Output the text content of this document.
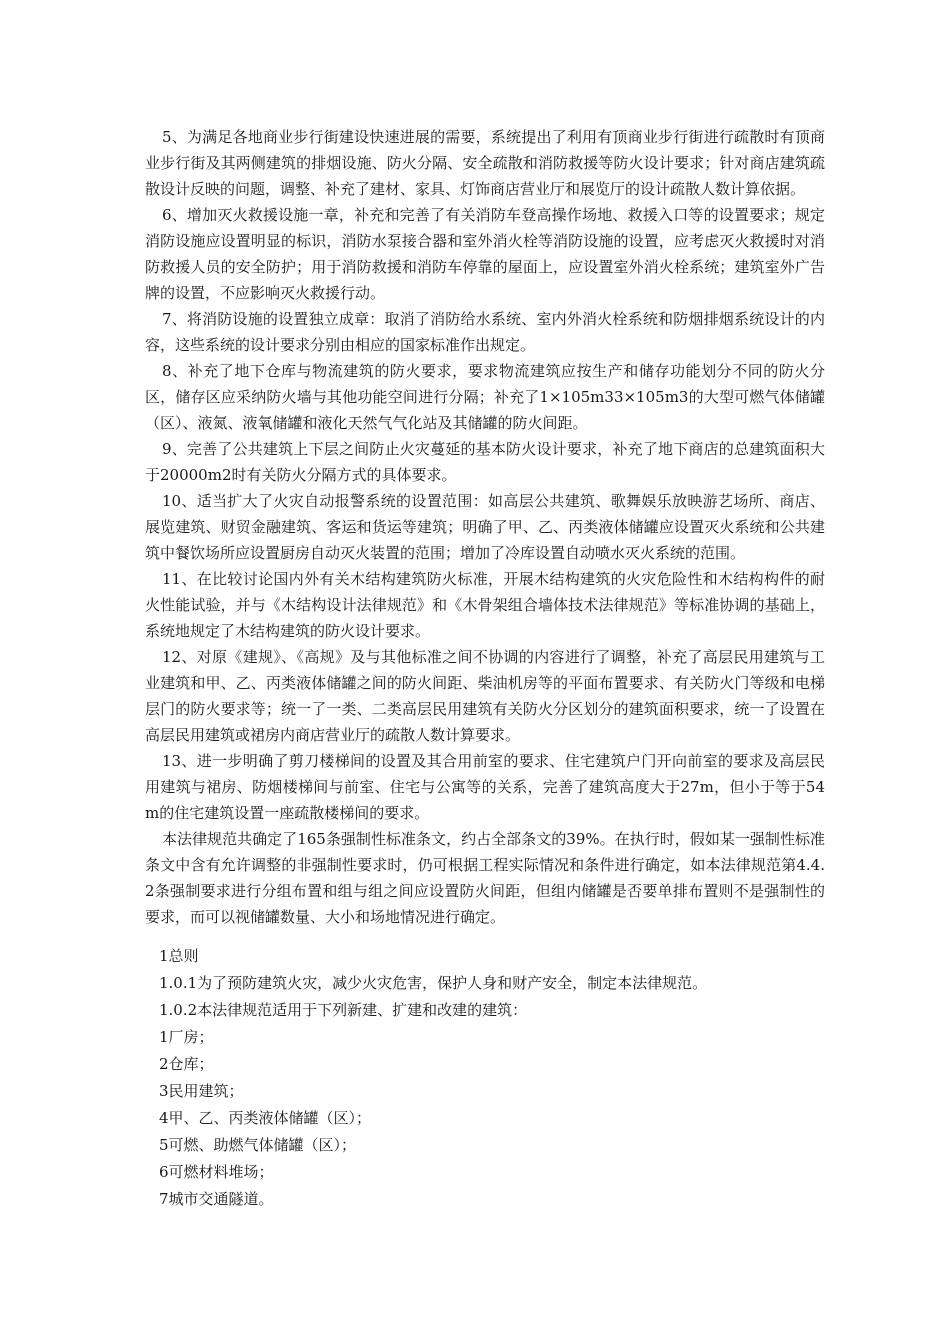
5、为满足各地商业步行街建设快速进展的需要，系统提出了利用有顶商业步行街进行疏散时有顶商业步行街及其两侧建筑的排烟设施、防火分隔、安全疏散和消防救援等防火设计要求；针对商店建筑疏散设计反映的问题，调整、补充了建材、家具、灯饰商店营业厅和展览厅的设计疏散人数计算依据。

6、增加灭火救援设施一章，补充和完善了有关消防车登高操作场地、救援入口等的设置要求；规定消防设施应设置明显的标识，消防水泵接合器和室外消火栓等消防设施的设置，应考虑灭火救援时对消防救援人员的安全防护；用于消防救援和消防车停靠的屋面上，应设置室外消火栓系统；建筑室外广告牌的设置，不应影响灭火救援行动。

7、将消防设施的设置独立成章：取消了消防给水系统、室内外消火栓系统和防烟排烟系统设计的内容，这些系统的设计要求分别由相应的国家标准作出规定。

8、补充了地下仓库与物流建筑的防火要求，要求物流建筑应按生产和储存功能划分不同的防火分区，储存区应采纳防火墙与其他功能空间进行分隔；补充了1×105m33×105m3的大型可燃气体储罐（区）、液氮、液氧储罐和液化天然气气化站及其储罐的防火间距。

9、完善了公共建筑上下层之间防止火灾蔓延的基本防火设计要求，补充了地下商店的总建筑面积大于20000m2时有关防火分隔方式的具体要求。

10、适当扩大了火灾自动报警系统的设置范围：如高层公共建筑、歌舞娱乐放映游艺场所、商店、展览建筑、财贸金融建筑、客运和货运等建筑；明确了甲、乙、丙类液体储罐应设置灭火系统和公共建筑中餐饮场所应设置厨房自动灭火装置的范围；增加了冷库设置自动喷水灭火系统的范围。

11、在比较讨论国内外有关木结构建筑防火标准，开展木结构建筑的火灾危险性和木结构构件的耐火性能试验，并与《木结构设计法律规范》和《木骨架组合墙体技术法律规范》等标准协调的基础上，系统地规定了木结构建筑的防火设计要求。

12、对原《建规》、《高规》及与其他标准之间不协调的内容进行了调整，补充了高层民用建筑与工业建筑和甲、乙、丙类液体储罐之间的防火间距、柴油机房等的平面布置要求、有关防火门等级和电梯层门的防火要求等；统一了一类、二类高层民用建筑有关防火分区划分的建筑面积要求，统一了设置在高层民用建筑或裙房内商店营业厅的疏散人数计算要求。

13、进一步明确了剪刀楼梯间的设置及其合用前室的要求、住宅建筑户门开向前室的要求及高层民用建筑与裙房、防烟楼梯间与前室、住宅与公寓等的关系，完善了建筑高度大于27m，但小于等于54m的住宅建筑设置一座疏散楼梯间的要求。

本法律规范共确定了165条强制性标准条文，约占全部条文的39%。在执行时，假如某一强制性标准条文中含有允许调整的非强制性要求时，仍可根据工程实际情况和条件进行确定，如本法律规范第4.4.2条强制要求进行分组布置和组与组之间应设置防火间距，但组内储罐是否要单排布置则不是强制性的要求，而可以视储罐数量、大小和场地情况进行确定。

1总则

1.0.1为了预防建筑火灾，减少火灾危害，保护人身和财产安全，制定本法律规范。

1.0.2本法律规范适用于下列新建、扩建和改建的建筑：

1厂房；

2仓库；

3民用建筑；

4甲、乙、丙类液体储罐（区）；

5可燃、助燃气体储罐（区）；

6可燃材料堆场；

7城市交通隧道。
